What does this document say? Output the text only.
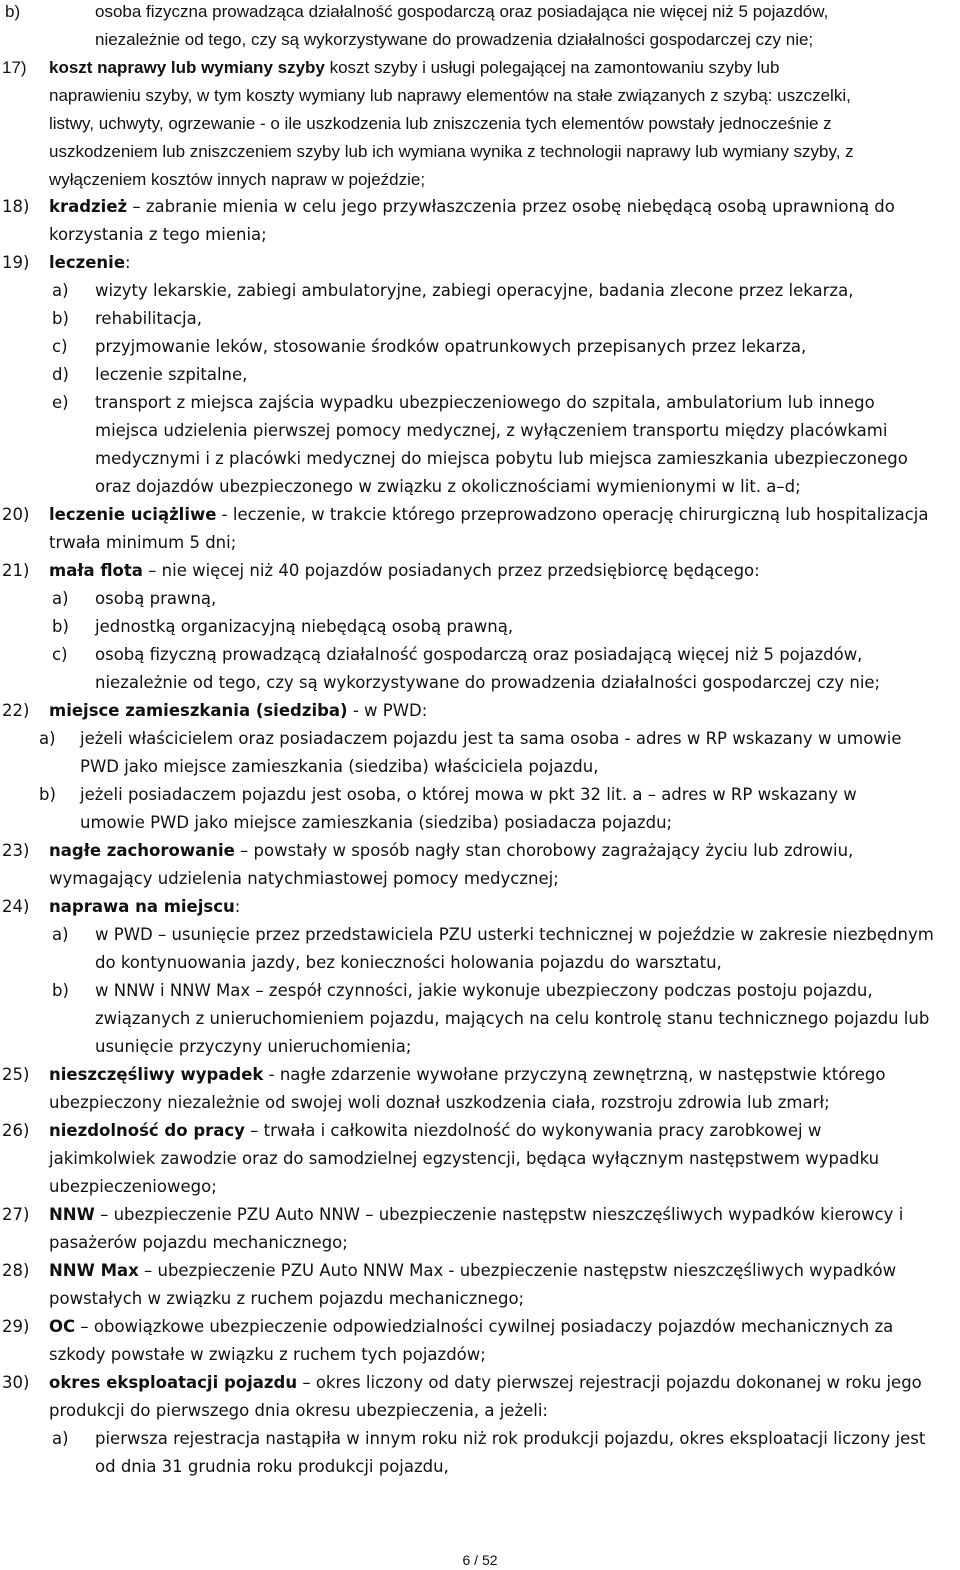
b)	osoba fizyczna prowadząca działalność gospodarczą oraz posiadająca nie więcej niż 5 pojazdów,
niezależnie od tego, czy są wykorzystywane do prowadzenia działalności gospodarczej czy nie;
17) koszt naprawy lub wymiany szyby koszt szyby i usługi polegającej na zamontowaniu szyby lub
naprawieniu szyby, w tym koszty wymiany lub naprawy elementów na stałe związanych z szybą: uszczelki,
listwy, uchwyty, ogrzewanie - o ile uszkodzenia lub zniszczenia tych elementów powstały jednocześnie z
uszkodzeniem lub zniszczeniem szyby lub ich wymiana wynika z technologii naprawy lub wymiany szyby, z
wyłączeniem kosztów innych napraw w pojeździe;
18) kradzież – zabranie mienia w celu jego przywłaszczenia przez osobę niebędącą osobą uprawnioną do
korzystania z tego mienia;
19) leczenie:
a) wizyty lekarskie, zabiegi ambulatoryjne, zabiegi operacyjne, badania zlecone przez lekarza,
b) rehabilitacja,
c) przyjmowanie leków, stosowanie środków opatrunkowych przepisanych przez lekarza,
d) leczenie szpitalne,
e) transport z miejsca zajścia wypadku ubezpieczeniowego do szpitala, ambulatorium lub innego
miejsca udzielenia pierwszej pomocy medycznej, z wyłączeniem transportu między placówkami
medycznymi i z placówki medycznej do miejsca pobytu lub miejsca zamieszkania ubezpieczonego
oraz dojazdów ubezpieczonego w związku z okolicznościami wymienionymi w lit. a–d;
20) leczenie uciążliwe - leczenie, w trakcie którego przeprowadzono operację chirurgiczną lub hospitalizacja
trwała minimum 5 dni;
21) mała flota – nie więcej niż 40 pojazdów posiadanych przez przedsiębiorcę będącego:
a) osobą prawną,
b) jednostką organizacyjną niebędącą osobą prawną,
c) osobą fizyczną prowadzącą działalność gospodarczą oraz posiadającą więcej niż 5 pojazdów,
niezależnie od tego, czy są wykorzystywane do prowadzenia działalności gospodarczej czy nie;
22) miejsce zamieszkania (siedziba) - w PWD:
a) jeżeli właścicielem oraz posiadaczem pojazdu jest ta sama osoba - adres w RP wskazany w umowie
PWD jako miejsce zamieszkania (siedziba) właściciela pojazdu,
b) jeżeli posiadaczem pojazdu jest osoba, o której mowa w pkt 32 lit. a – adres w RP wskazany w
umowie PWD jako miejsce zamieszkania (siedziba) posiadacza pojazdu;
23) nagłe zachorowanie – powstały w sposób nagły stan chorobowy zagrażający życiu lub zdrowiu,
wymagający udzielenia natychmiastowej pomocy medycznej;
24) naprawa na miejscu:
a) w PWD – usunięcie przez przedstawiciela PZU usterki technicznej w pojeździe w zakresie niezbędnym
do kontynuowania jazdy, bez konieczności holowania pojazdu do warsztatu,
b) w NNW i NNW Max – zespół czynności, jakie wykonuje ubezpieczony podczas postoju pojazdu,
związanych z unieruchomieniem pojazdu, mających na celu kontrolę stanu technicznego pojazdu lub
usunięcie przyczyny unieruchomienia;
25) nieszczęśliwy wypadek - nagłe zdarzenie wywołane przyczyną zewnętrzną, w następstwie którego
ubezpieczony niezależnie od swojej woli doznał uszkodzenia ciała, rozstroju zdrowia lub zmarł;
26) niezdolność do pracy – trwała i całkowita niezdolność do wykonywania pracy zarobkowej w
jakimkolwiek zawodzie oraz do samodzielnej egzystencji, będąca wyłącznym następstwem wypadku
ubezpieczeniowego;
27) NNW – ubezpieczenie PZU Auto NNW – ubezpieczenie następstw nieszczęśliwych wypadków kierowcy i
pasażerów pojazdu mechanicznego;
28) NNW Max – ubezpieczenie PZU Auto NNW Max - ubezpieczenie następstw nieszczęśliwych wypadków
powstałych w związku z ruchem pojazdu mechanicznego;
29) OC – obowiązkowe ubezpieczenie odpowiedzialności cywilnej posiadaczy pojazdów mechanicznych za
szkody powstałe w związku z ruchem tych pojazdów;
30) okres eksploatacji pojazdu – okres liczony od daty pierwszej rejestracji pojazdu dokonanej w roku jego
produkcji do pierwszego dnia okresu ubezpieczenia, a jeżeli:
a) pierwsza rejestracja nastąpiła w innym roku niż rok produkcji pojazdu, okres eksploatacji liczony jest
od dnia 31 grudnia roku produkcji pojazdu,
6 / 52
